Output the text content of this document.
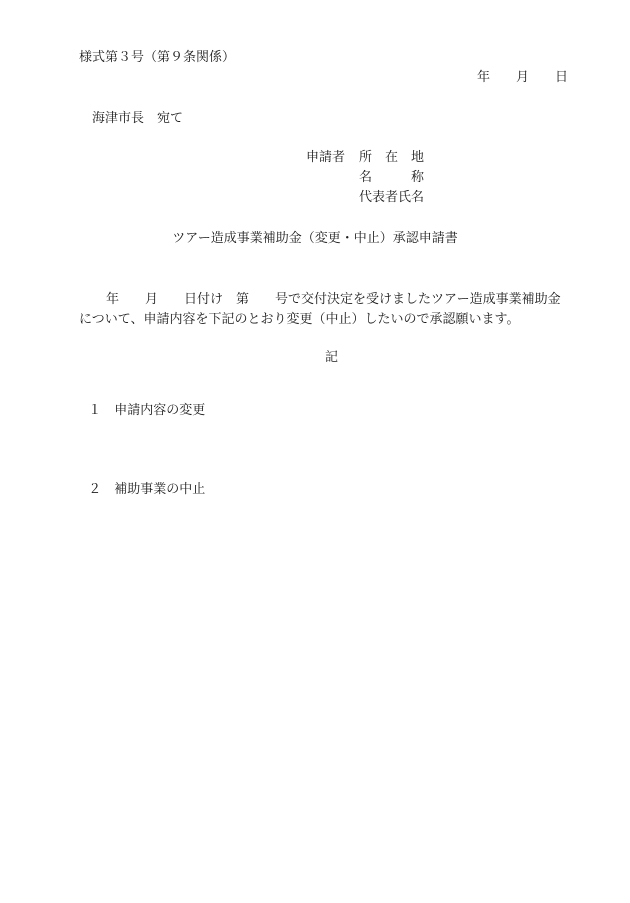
様式第３号（第９条関係）
年　　月　　日
海津市長　宛て
申請者 所　在　地
名　　　称
代表者氏名
ツアー造成事業補助金（変更・中止）承認申請書
年　　月　　日付け　第　　号で交付決定を受けましたツアー造成事業補助金
について、申請内容を下記のとおり変更（中止）したいので承認願います。
記

１　 申請内容の変更

２　 補助事業の中止
